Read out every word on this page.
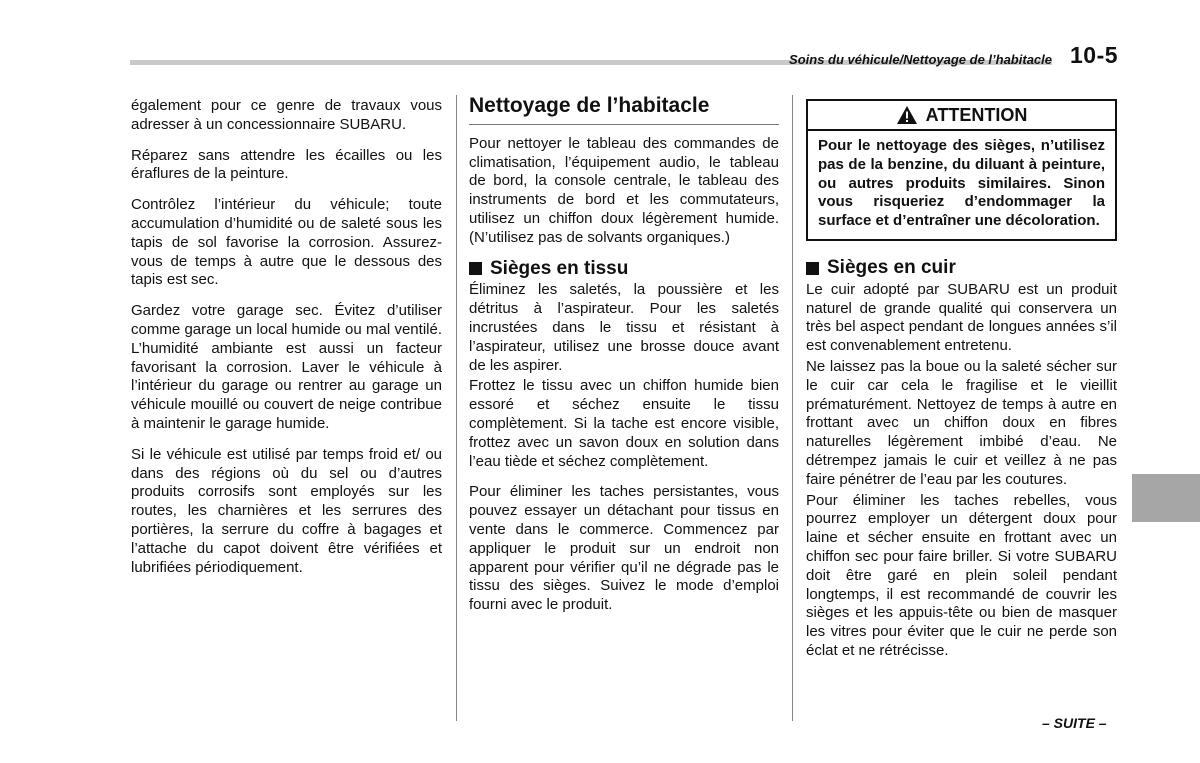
Soins du véhicule/Nettoyage de l’habitacle 10-5

également pour ce genre de travaux vous adresser à un concessionnaire SUBARU.

Réparez sans attendre les écailles ou les éraflures de la peinture.

Contrôlez l’intérieur du véhicule; toute accumulation d’humidité ou de saleté sous les tapis de sol favorise la corrosion. Assurez-vous de temps à autre que le dessous des tapis est sec.

Gardez votre garage sec. Évitez d’utiliser comme garage un local humide ou mal ventilé. L’humidité ambiante est aussi un facteur favorisant la corrosion. Laver le véhicule à l’intérieur du garage ou rentrer au garage un véhicule mouillé ou couvert de neige contribue à maintenir le garage humide.

Si le véhicule est utilisé par temps froid et/ ou dans des régions où du sel ou d’autres produits corrosifs sont employés sur les routes, les charnières et les serrures des portières, la serrure du coffre à bagages et l’attache du capot doivent être vérifiées et lubrifiées périodiquement.

Nettoyage de l’habitacle

Pour nettoyer le tableau des commandes de climatisation, l’équipement audio, le tableau de bord, la console centrale, le tableau des instruments de bord et les commutateurs, utilisez un chiffon doux légèrement humide. (N’utilisez pas de solvants organiques.)

Sièges en tissu

Éliminez les saletés, la poussière et les détritus à l’aspirateur. Pour les saletés incrustées dans le tissu et résistant à l’aspirateur, utilisez une brosse douce avant de les aspirer.

Frottez le tissu avec un chiffon humide bien essoré et séchez ensuite le tissu complètement. Si la tache est encore visible, frottez avec un savon doux en solution dans l’eau tiède et séchez complètement.

Pour éliminer les taches persistantes, vous pouvez essayer un détachant pour tissus en vente dans le commerce. Commencez par appliquer le produit sur un endroit non apparent pour vérifier qu’il ne dégrade pas le tissu des sièges. Suivez le mode d’emploi fourni avec le produit.

ATTENTION
Pour le nettoyage des sièges, n’utilisez pas de la benzine, du diluant à peinture, ou autres produits similaires. Sinon vous risqueriez d’endommager la surface et d’entraîner une décoloration.
Sièges en cuir

Le cuir adopté par SUBARU est un produit naturel de grande qualité qui conservera un très bel aspect pendant de longues années s’il est convenablement entretenu.

Ne laissez pas la boue ou la saleté sécher sur le cuir car cela le fragilise et le vieillit prématurément. Nettoyez de temps à autre en frottant avec un chiffon doux en fibres naturelles légèrement imbibé d’eau. Ne détrempez jamais le cuir et veillez à ne pas faire pénétrer de l’eau par les coutures.

Pour éliminer les taches rebelles, vous pourrez employer un détergent doux pour laine et sécher ensuite en frottant avec un chiffon sec pour faire briller. Si votre SUBARU doit être garé en plein soleil pendant longtemps, il est recommandé de couvrir les sièges et les appuis-tête ou bien de masquer les vitres pour éviter que le cuir ne perde son éclat et ne rétrécisse.

– SUITE –
